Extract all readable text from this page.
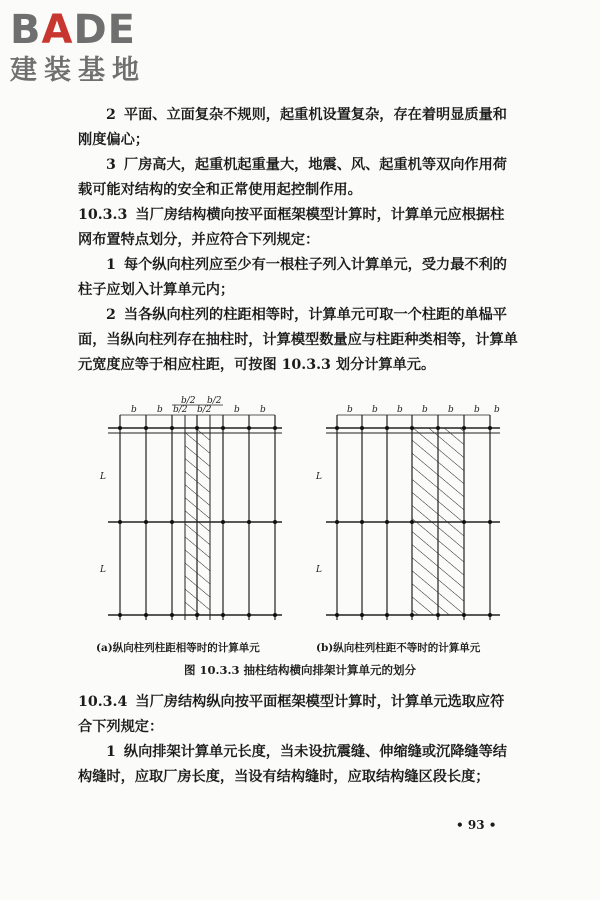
BADE
建装基地
2 平面、立面复杂不规则，起重机设置复杂，存在着明显质量和刚度偏心；
3 厂房高大，起重机起重量大，地震、风、起重机等双向作用荷载可能对结构的安全和正常使用起控制作用。
10.3.3 当厂房结构横向按平面框架模型计算时，计算单元应根据柱网布置特点划分，并应符合下列规定：
1 每个纵向柱列应至少有一根柱子列入计算单元，受力最不利的柱子应划入计算单元内；
2 当各纵向柱列的柱距相等时，计算单元可取一个柱距的单榀平面，当纵向柱列存在抽柱时，计算模型数量应与柱距种类相等，计算单元宽度应等于相应柱距，可按图 10.3.3 划分计算单元。
b b b/2 b/2 b b
b/2 b/2
L
L
b b b b b b b
L
L
(a)纵向柱列柱距相等时的计算单元	(b)纵向柱列柱距不等时的计算单元
图 10.3.3 抽柱结构横向排架计算单元的划分
10.3.4 当厂房结构纵向按平面框架模型计算时，计算单元选取应符合下列规定：
1 纵向排架计算单元长度，当未设抗震缝、伸缩缝或沉降缝等结构缝时，应取厂房长度，当设有结构缝时，应取结构缝区段长度；
• 93 •
